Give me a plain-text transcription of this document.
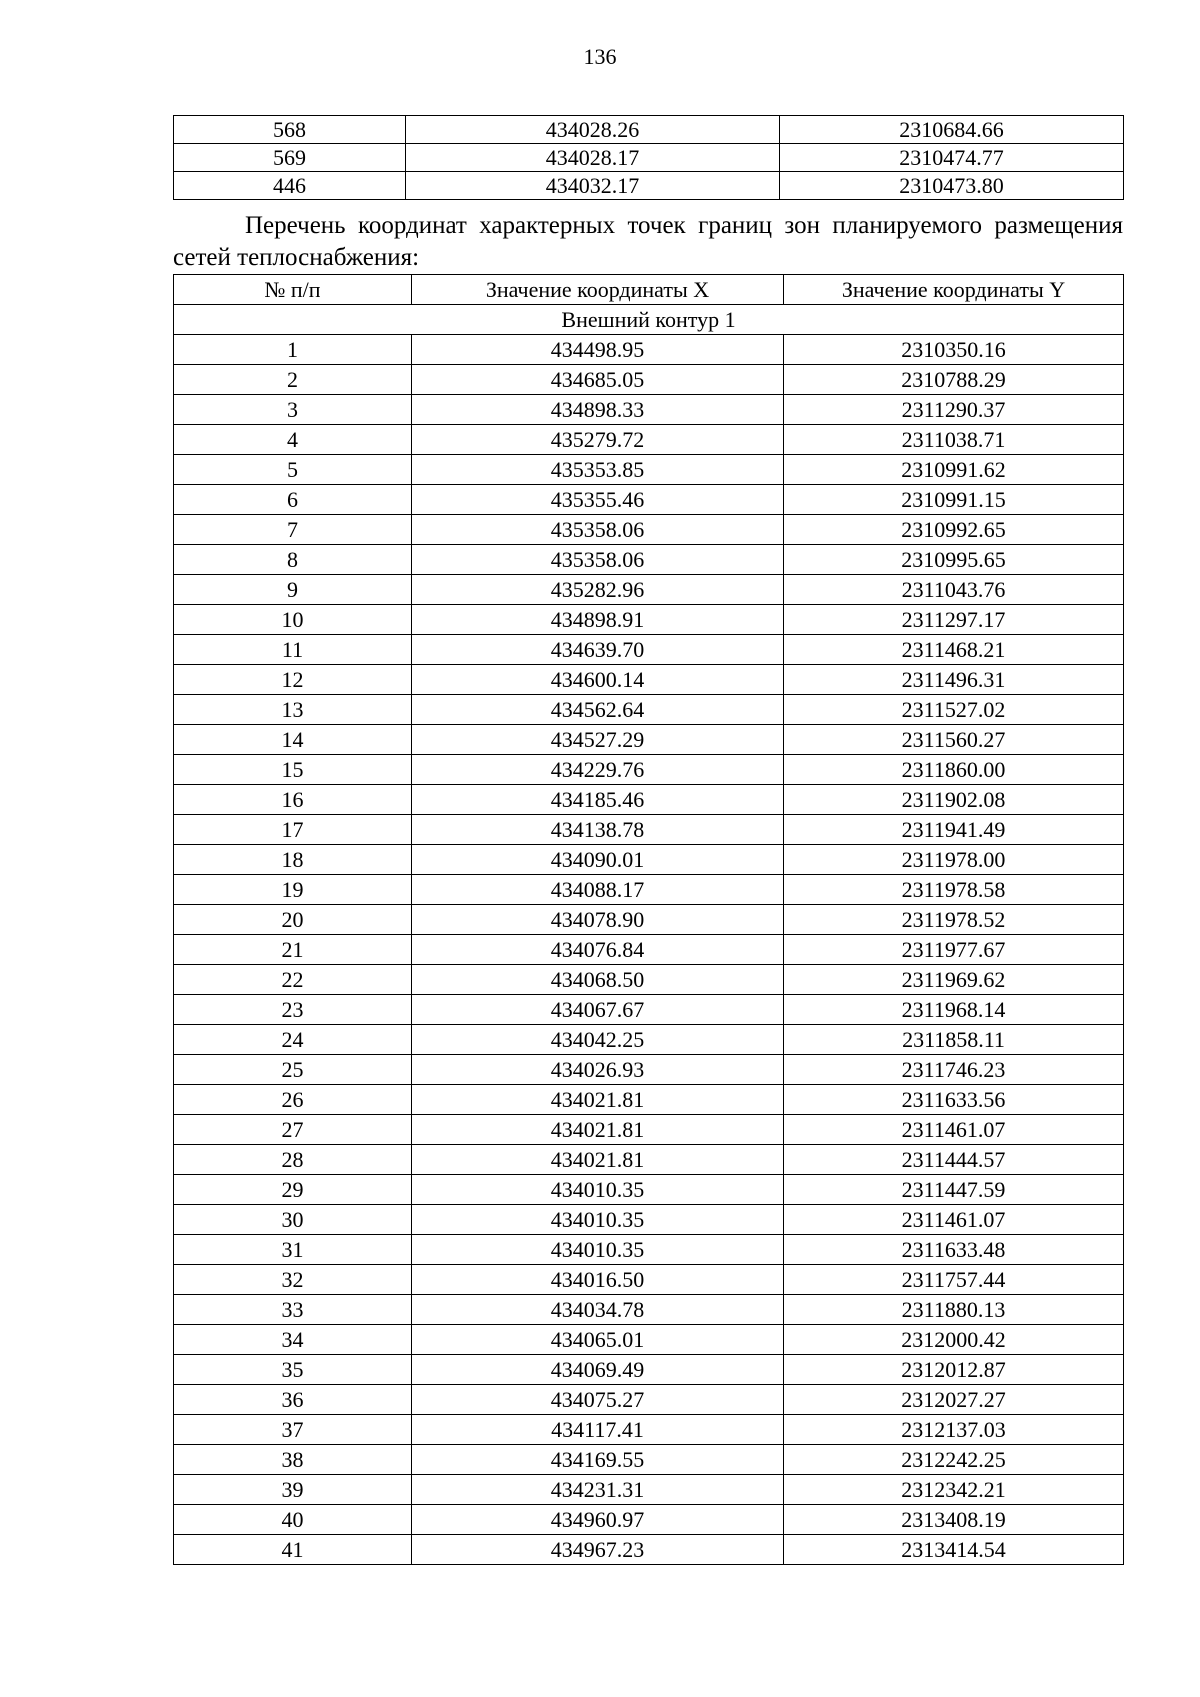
136
568	434028.26	2310684.66
569	434028.17	2310474.77
446	434032.17	2310473.80

Перечень координат характерных точек границ зон планируемого размещения сетей теплоснабжения:

№ п/п	Значение координаты X	Значение координаты Y
Внешний контур 1		
1	434498.95	2310350.16
2	434685.05	2310788.29
3	434898.33	2311290.37
4	435279.72	2311038.71
5	435353.85	2310991.62
6	435355.46	2310991.15
7	435358.06	2310992.65
8	435358.06	2310995.65
9	435282.96	2311043.76
10	434898.91	2311297.17
11	434639.70	2311468.21
12	434600.14	2311496.31
13	434562.64	2311527.02
14	434527.29	2311560.27
15	434229.76	2311860.00
16	434185.46	2311902.08
17	434138.78	2311941.49
18	434090.01	2311978.00
19	434088.17	2311978.58
20	434078.90	2311978.52
21	434076.84	2311977.67
22	434068.50	2311969.62
23	434067.67	2311968.14
24	434042.25	2311858.11
25	434026.93	2311746.23
26	434021.81	2311633.56
27	434021.81	2311461.07
28	434021.81	2311444.57
29	434010.35	2311447.59
30	434010.35	2311461.07
31	434010.35	2311633.48
32	434016.50	2311757.44
33	434034.78	2311880.13
34	434065.01	2312000.42
35	434069.49	2312012.87
36	434075.27	2312027.27
37	434117.41	2312137.03
38	434169.55	2312242.25
39	434231.31	2312342.21
40	434960.97	2313408.19
41	434967.23	2313414.54
